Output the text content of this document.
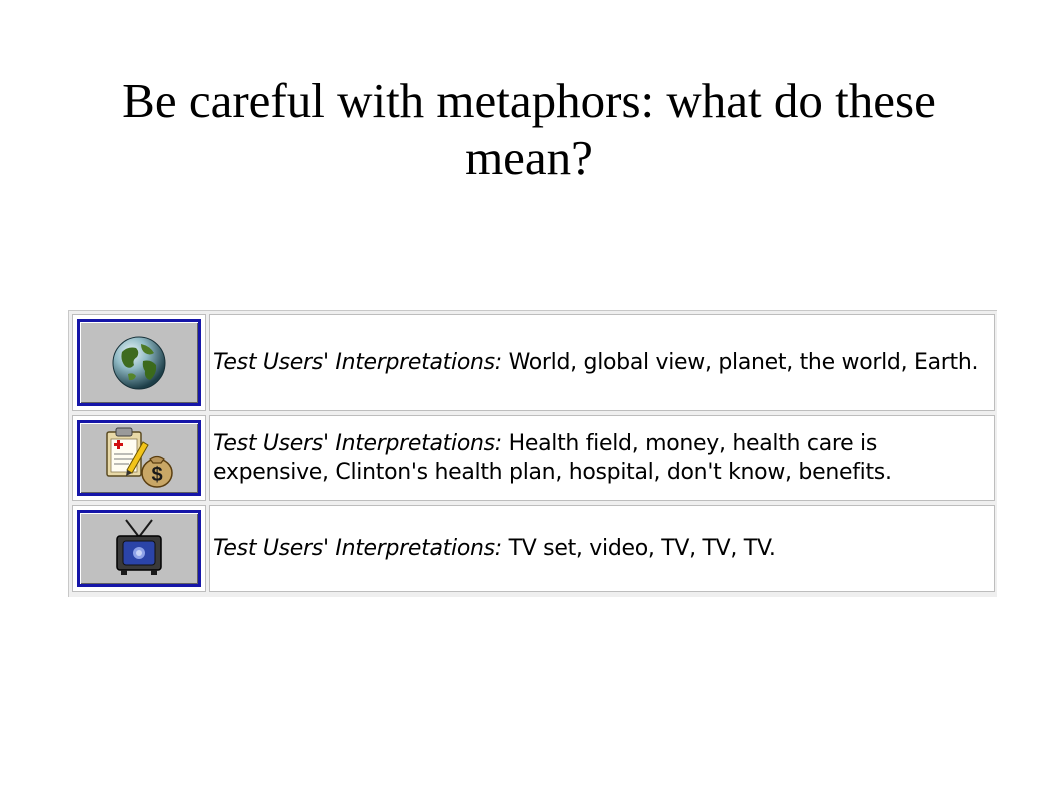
Be careful with metaphors: what do these mean?

Test Users' Interpretations: World, global view, planet, the world, Earth.

$

Test Users' Interpretations: Health field, money, health care is expensive, Clinton's health plan, hospital, don't know, benefits.

Test Users' Interpretations: TV set, video, TV, TV, TV.
